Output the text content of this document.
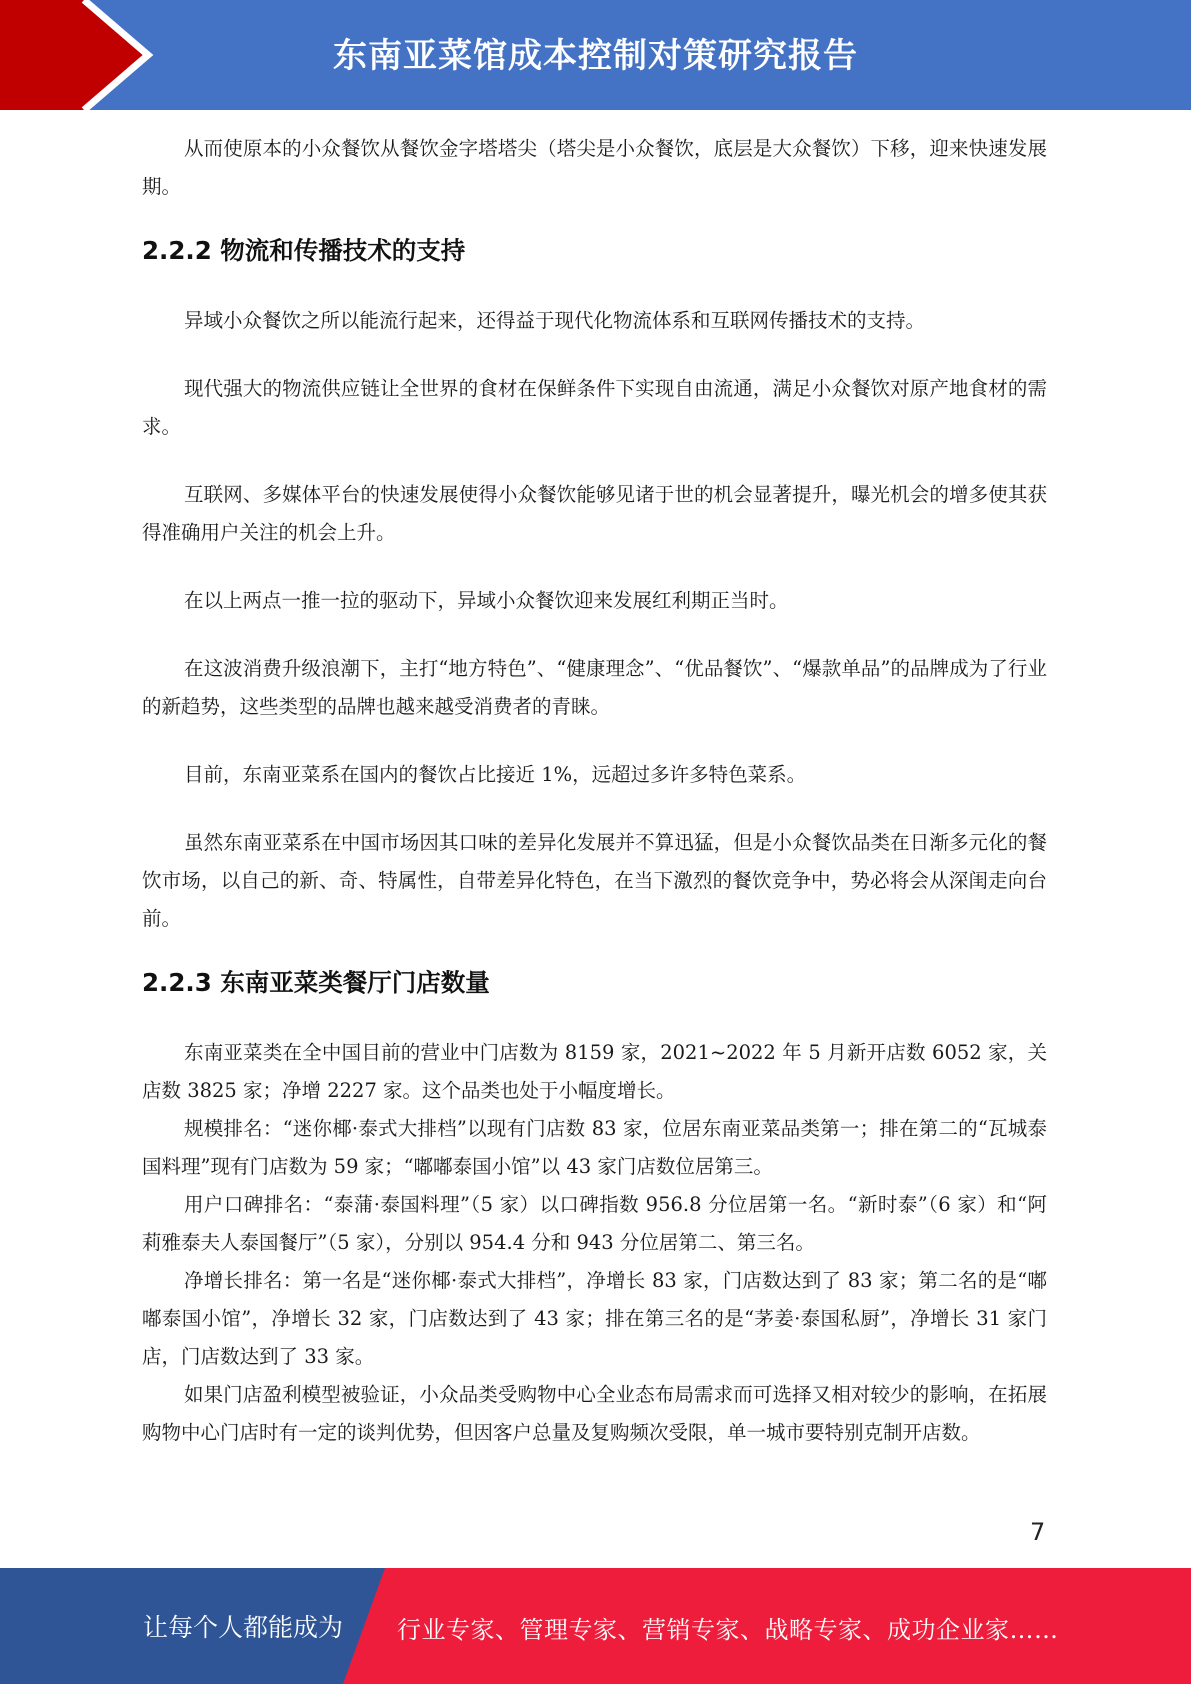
东南亚菜馆成本控制对策研究报告

从而使原本的小众餐饮从餐饮金字塔塔尖（塔尖是小众餐饮，底层是大众餐饮）下移，迎来快速发展期。

2.2.2 物流和传播技术的支持

异域小众餐饮之所以能流行起来，还得益于现代化物流体系和互联网传播技术的支持。

现代强大的物流供应链让全世界的食材在保鲜条件下实现自由流通，满足小众餐饮对原产地食材的需求。

互联网、多媒体平台的快速发展使得小众餐饮能够见诸于世的机会显著提升，曝光机会的增多使其获得准确用户关注的机会上升。

在以上两点一推一拉的驱动下，异域小众餐饮迎来发展红利期正当时。

在这波消费升级浪潮下，主打“地方特色”、“健康理念”、“优品餐饮”、“爆款单品”的品牌成为了行业的新趋势，这些类型的品牌也越来越受消费者的青睐。

目前，东南亚菜系在国内的餐饮占比接近 1%，远超过多许多特色菜系。

虽然东南亚菜系在中国市场因其口味的差异化发展并不算迅猛，但是小众餐饮品类在日渐多元化的餐饮市场，以自己的新、奇、特属性，自带差异化特色，在当下激烈的餐饮竞争中，势必将会从深闺走向台前。

2.2.3 东南亚菜类餐厅门店数量

东南亚菜类在全中国目前的营业中门店数为 8159 家，2021~2022 年 5 月新开店数 6052 家，关店数 3825 家；净增 2227 家。这个品类也处于小幅度增长。

规模排名：“迷你椰·泰式大排档”以现有门店数 83 家，位居东南亚菜品类第一；排在第二的“瓦城泰国料理”现有门店数为 59 家；“嘟嘟泰国小馆”以 43 家门店数位居第三。

用户口碑排名：“泰蒲·泰国料理”（5 家）以口碑指数 956.8 分位居第一名。“新时泰”（6 家）和“阿莉雅泰夫人泰国餐厅”（5 家），分别以 954.4 分和 943 分位居第二、第三名。

净增长排名：第一名是“迷你椰·泰式大排档”，净增长 83 家，门店数达到了 83 家；第二名的是“嘟嘟泰国小馆”，净增长 32 家，门店数达到了 43 家；排在第三名的是“茅姜·泰国私厨”，净增长 31 家门店，门店数达到了 33 家。

如果门店盈利模型被验证，小众品类受购物中心全业态布局需求而可选择又相对较少的影响，在拓展购物中心门店时有一定的谈判优势，但因客户总量及复购频次受限，单一城市要特别克制开店数。

7
让每个人都能成为 行业专家、管理专家、营销专家、战略专家、成功企业家……
